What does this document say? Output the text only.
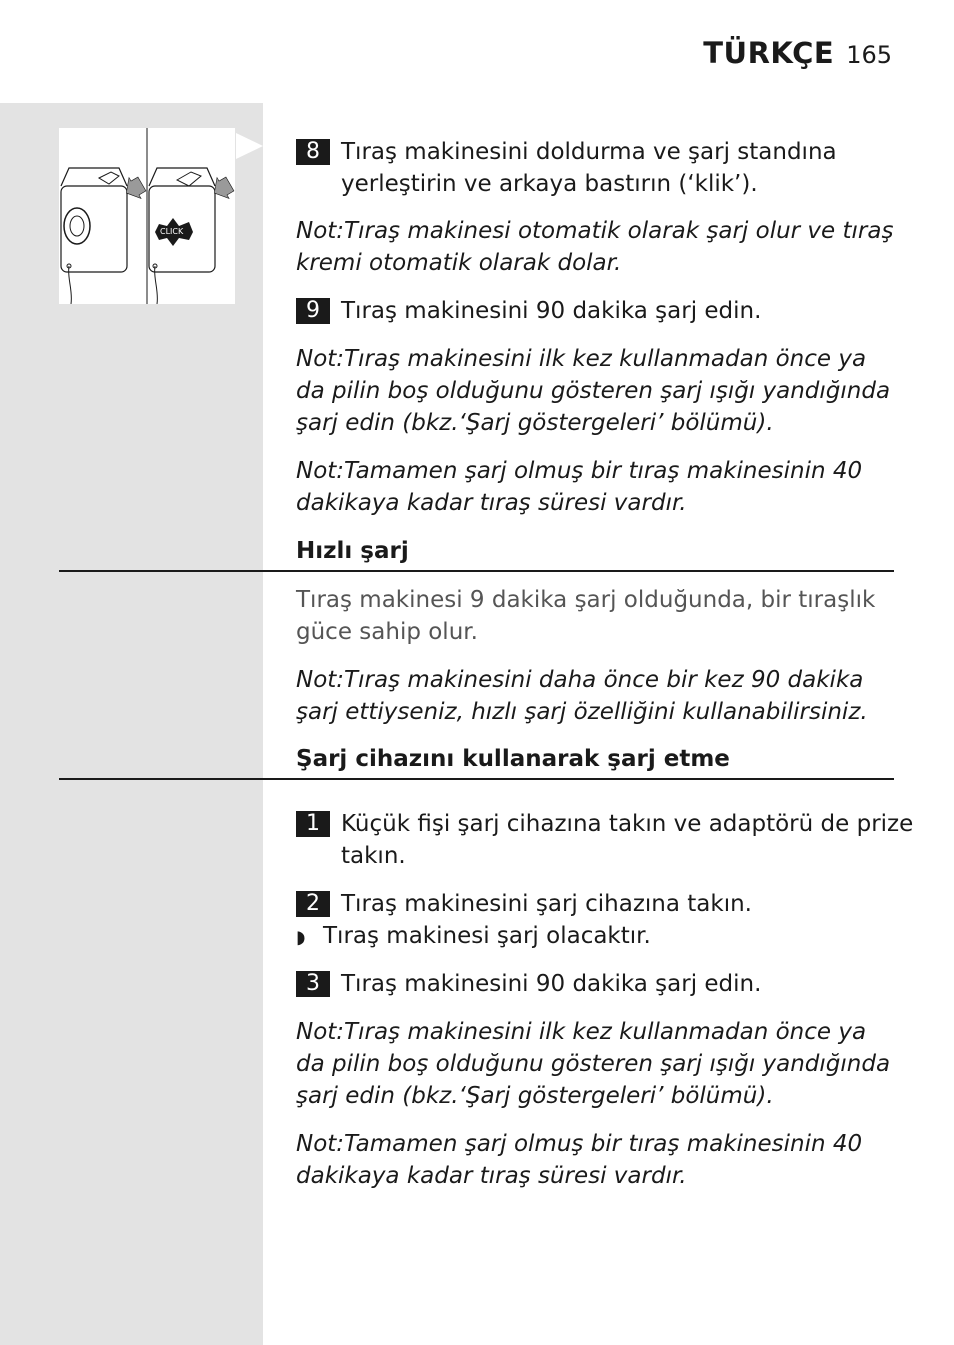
TÜRKÇE 165
CLICK
8 Tıraş makinesini doldurma ve şarj standına yerleştirin ve arkaya bastırın (‘klik’).
Not:Tıraş makinesi otomatik olarak şarj olur ve tıraş kremi otomatik olarak dolar.
9 Tıraş makinesini 90 dakika şarj edin.
Not:Tıraş makinesini ilk kez kullanmadan önce ya da pilin boş olduğunu gösteren şarj ışığı yandığında şarj edin (bkz.‘Şarj göstergeleri’ bölümü).
Not:Tamamen şarj olmuş bir tıraş makinesinin 40 dakikaya kadar tıraş süresi vardır.
Hızlı şarj
Tıraş makinesi 9 dakika şarj olduğunda, bir tıraşlık güce sahip olur.
Not:Tıraş makinesini daha önce bir kez 90 dakika şarj ettiyseniz, hızlı şarj özelliğini kullanabilirsiniz.
Şarj cihazını kullanarak şarj etme
1 Küçük fişi şarj cihazına takın ve adaptörü de prize takın.
2 Tıraş makinesini şarj cihazına takın.
◗ Tıraş makinesi şarj olacaktır.
3 Tıraş makinesini 90 dakika şarj edin.
Not:Tıraş makinesini ilk kez kullanmadan önce ya da pilin boş olduğunu gösteren şarj ışığı yandığında şarj edin (bkz.‘Şarj göstergeleri’ bölümü).
Not:Tamamen şarj olmuş bir tıraş makinesinin 40 dakikaya kadar tıraş süresi vardır.
